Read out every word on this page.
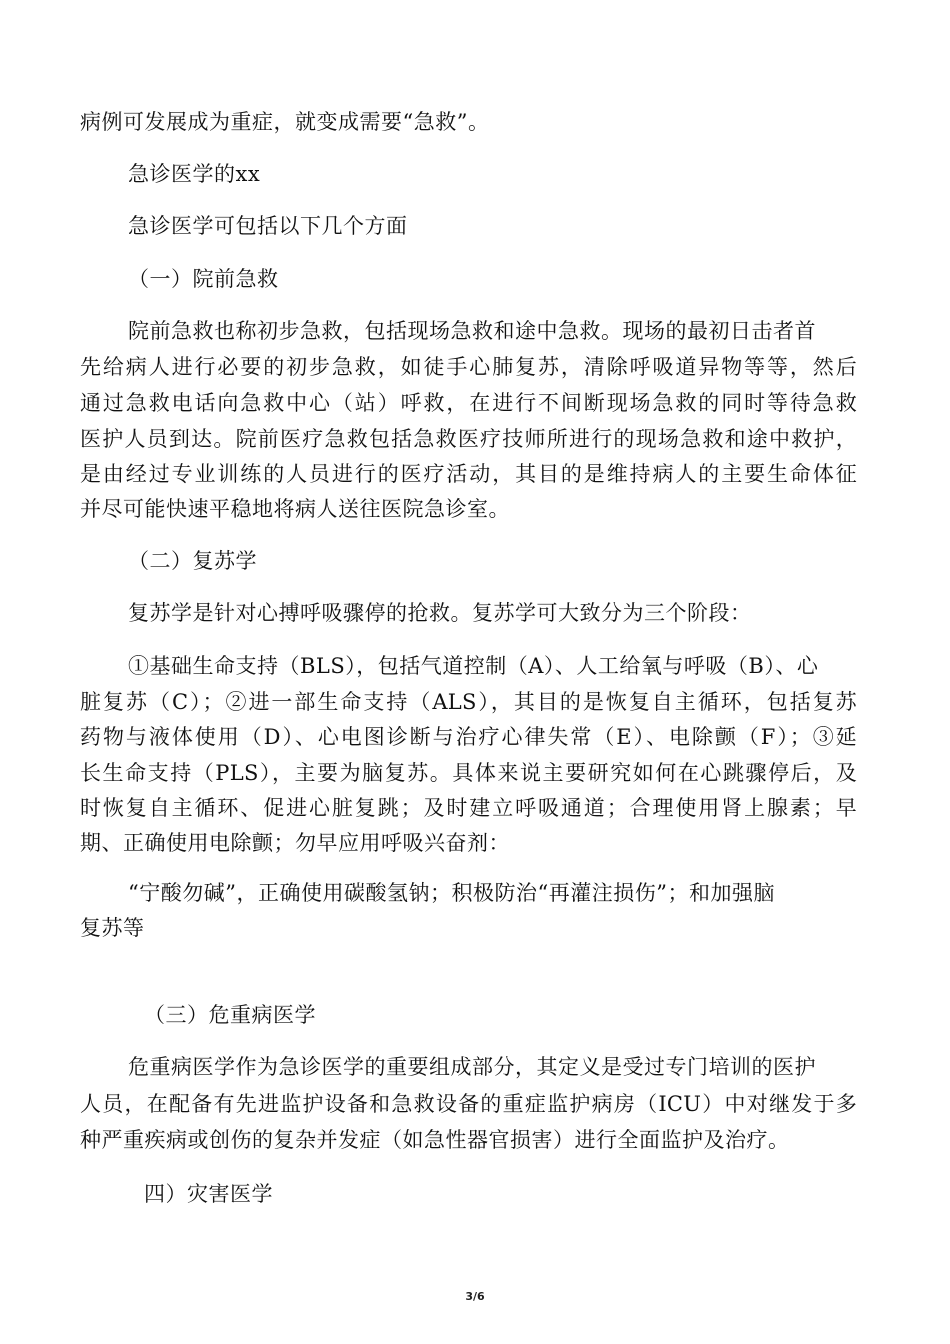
病例可发展成为重症，就变成需要“急救”。
急诊医学的xx
急诊医学可包括以下几个方面
（一）院前急救
院前急救也称初步急救，包括现场急救和途中急救。现场的最初日击者首
先给病人进行必要的初步急救，如徒手心肺复苏，清除呼吸道异物等等，然后
通过急救电话向急救中心（站）呼救，在进行不间断现场急救的同时等待急救
医护人员到达。院前医疗急救包括急救医疗技师所进行的现场急救和途中救护，
是由经过专业训练的人员进行的医疗活动，其目的是维持病人的主要生命体征
并尽可能快速平稳地将病人送往医院急诊室。
（二）复苏学
复苏学是针对心搏呼吸骤停的抢救。复苏学可大致分为三个阶段：
①基础生命支持（BLS），包括气道控制（A）、人工给氧与呼吸（B）、心
脏复苏（C）；②进一部生命支持（ALS），其目的是恢复自主循环，包括复苏
药物与液体使用（D）、心电图诊断与治疗心律失常（E）、电除颤（F）；③延
长生命支持（PLS），主要为脑复苏。具体来说主要研究如何在心跳骤停后，及
时恢复自主循环、促进心脏复跳；及时建立呼吸通道；合理使用肾上腺素；早
期、正确使用电除颤；勿早应用呼吸兴奋剂：
“宁酸勿碱”，正确使用碳酸氢钠；积极防治“再灌注损伤”；和加强脑
复苏等
（三）危重病医学
危重病医学作为急诊医学的重要组成部分，其定义是受过专门培训的医护
人员，在配备有先进监护设备和急救设备的重症监护病房（ICU）中对继发于多
种严重疾病或创伤的复杂并发症（如急性器官损害）进行全面监护及治疗。
四）灾害医学
3/6
